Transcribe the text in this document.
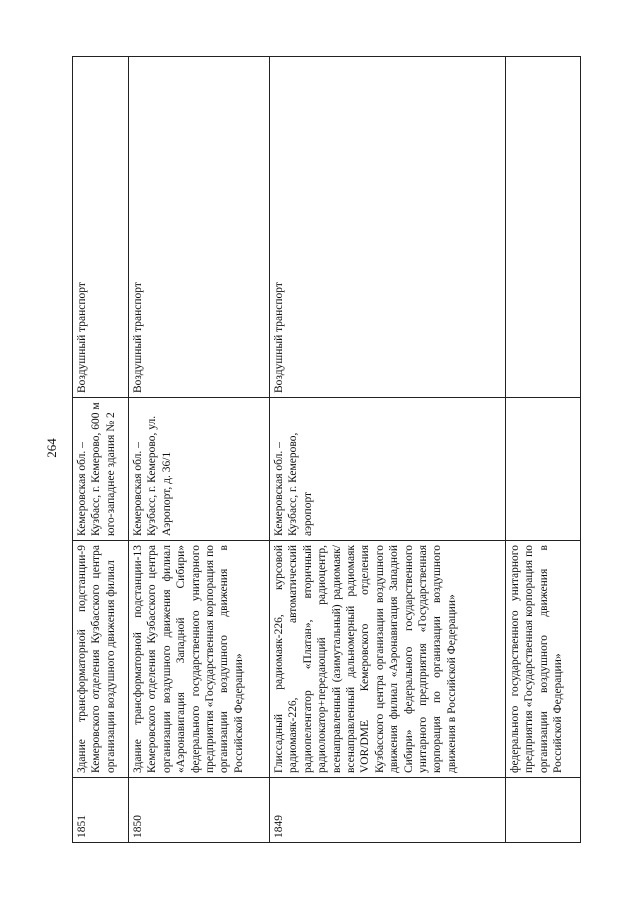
264
1851	Здание трансформаторной подстанции-9 Кемеровского отделения Кузбасского центра организации воздушного движения филиал	Кемеровская обл. – Кузбасс, г. Кемерово, 600 м юго-западнее здания № 2	Воздушный транспорт
1850	Здание трансформаторной подстанции-13 Кемеровского отделения Кузбасского центра организации воздушного движения филиал «Аэронавигация Западной Сибири» федерального государственного унитарного предприятия «Государственная корпорация по организации воздушного движения в Российской Федерации»	Кемеровская обл. – Кузбасс, г. Кемерово, ул. Аэропорт, д. 36/1	Воздушный транспорт
1849	Глиссадный радиомаяк-226, курсовой радиомаяк-226, автоматический радиопеленгатор «Платан», вторичный радиолокатор+передающий радиоцентр, всенаправленный (азимутальный) радиомаяк/всенаправленный дальномерный радиомаяк VOR/DME Кемеровского отделения Кузбасского центра организации воздушного движения филиал «Аэронавигация Западной Сибири» федерального государственного унитарного предприятия «Государственная корпорация по организации воздушного движения в Российской Федерации»	Кемеровская обл. – Кузбасс, г. Кемерово, аэропорт	Воздушный транспорт

	федерального государственного унитарного предприятия «Государственная корпорация по организации воздушного движения в Российской Федерации»		
